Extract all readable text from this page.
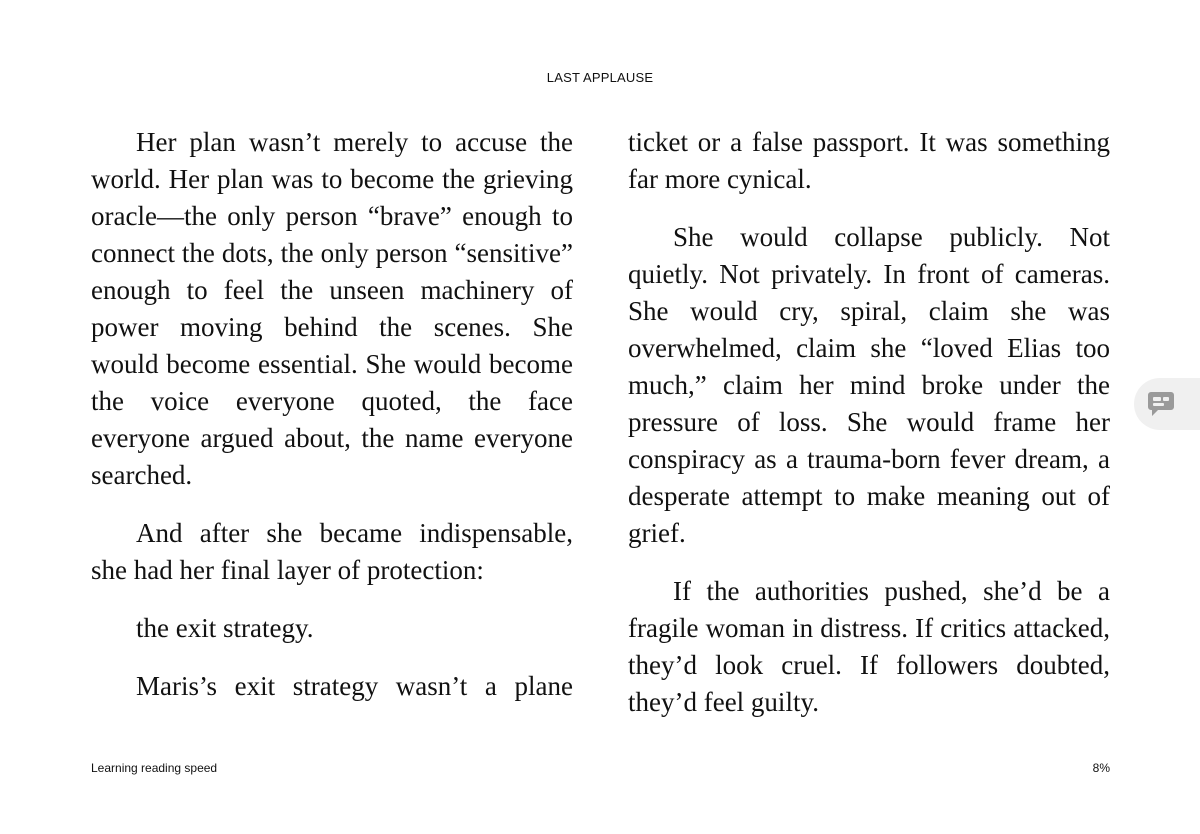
LAST APPLAUSE

Her plan wasn’t merely to accuse the world. Her plan was to become the grieving oracle—the only person “brave” enough to connect the dots, the only person “sensitive” enough to feel the unseen machinery of power moving behind the scenes. She would become essential. She would become the voice everyone quoted, the face everyone argued about, the name everyone searched.

And after she became indispensable, she had her final layer of protection:

the exit strategy.

Maris’s exit strategy wasn’t a plane

ticket or a false passport. It was something far more cynical.

She would collapse publicly. Not quietly. Not privately. In front of cameras. She would cry, spiral, claim she was overwhelmed, claim she “loved Elias too much,” claim her mind broke under the pressure of loss. She would frame her conspiracy as a trauma-born fever dream, a desperate attempt to make meaning out of grief.

If the authorities pushed, she’d be a fragile woman in distress. If critics attacked, they’d look cruel. If followers doubted, they’d feel guilty.

Learning reading speed	8%
